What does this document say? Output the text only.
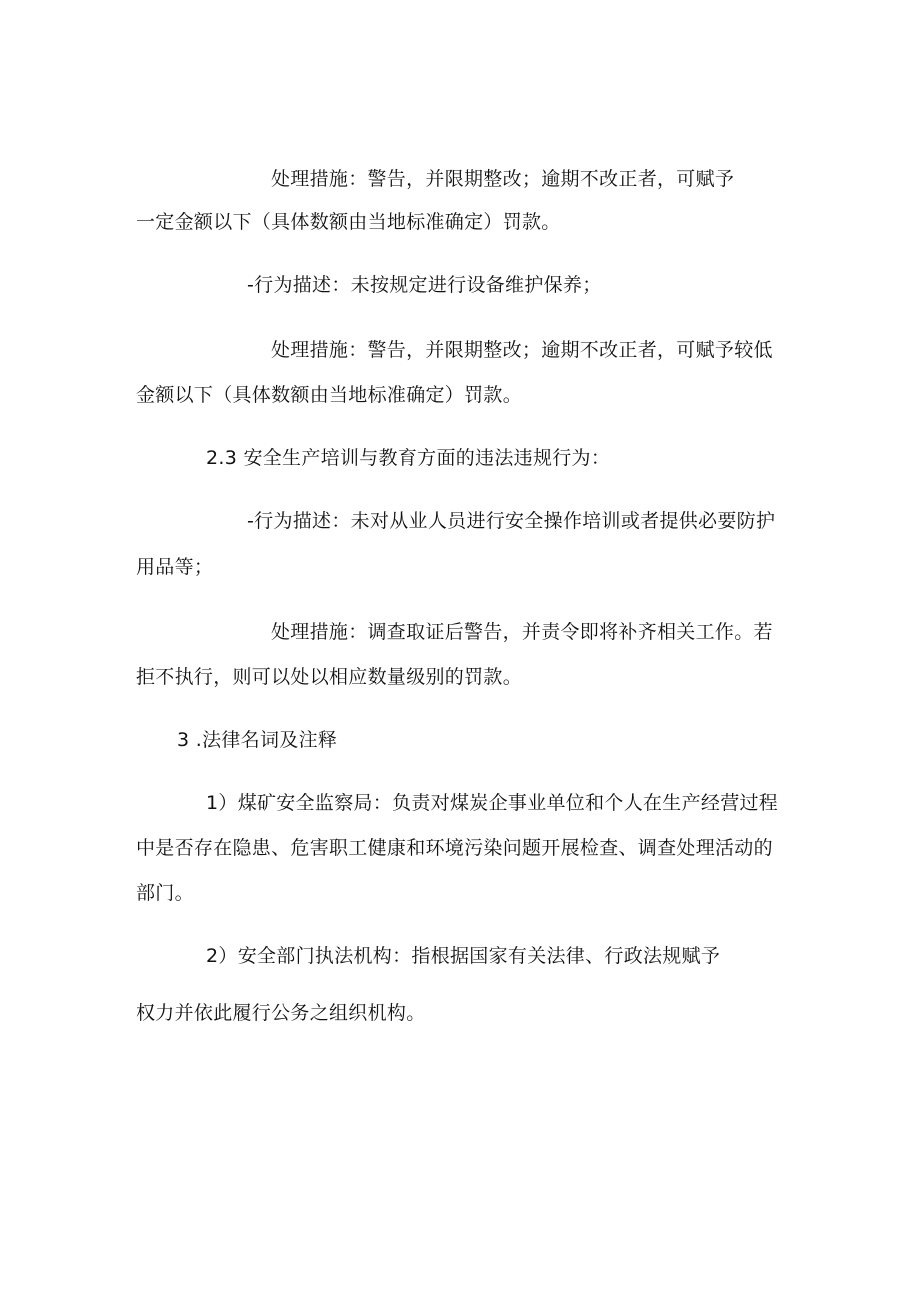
处理措施：警告，并限期整改；逾期不改正者，可赋予
一定金额以下（具体数额由当地标准确定）罚款。
-行为描述：未按规定进行设备维护保养；
处理措施：警告，并限期整改；逾期不改正者，可赋予较低
金额以下（具体数额由当地标准确定）罚款。
2.3 安全生产培训与教育方面的违法违规行为：
-行为描述：未对从业人员进行安全操作培训或者提供必要防护
用品等；
处理措施：调查取证后警告，并责令即将补齐相关工作。若
拒不执行，则可以处以相应数量级别的罚款。
3 .法律名词及注释
1）煤矿安全监察局：负责对煤炭企事业单位和个人在生产经营过程
中是否存在隐患、危害职工健康和环境污染问题开展检查、调查处理活动的
部门。
2）安全部门执法机构：指根据国家有关法律、行政法规赋予
权力并依此履行公务之组织机构。
